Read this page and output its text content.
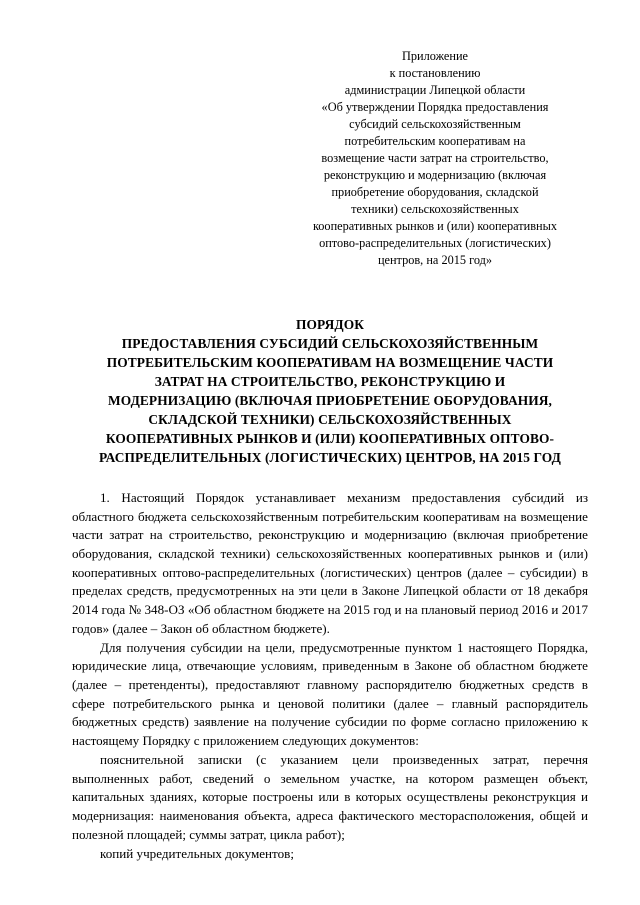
Приложение
к постановлению
администрации Липецкой области
«Об утверждении Порядка предоставления
субсидий сельскохозяйственным
потребительским кооперативам на
возмещение части затрат на строительство,
реконструкцию и модернизацию (включая
приобретение оборудования, складской
техники) сельскохозяйственных
кооперативных рынков и (или) кооперативных
оптово-распределительных (логистических)
центров, на 2015 год»
ПОРЯДОК
ПРЕДОСТАВЛЕНИЯ СУБСИДИЙ СЕЛЬСКОХОЗЯЙСТВЕННЫМ
ПОТРЕБИТЕЛЬСКИМ КООПЕРАТИВАМ НА ВОЗМЕЩЕНИЕ ЧАСТИ
ЗАТРАТ НА СТРОИТЕЛЬСТВО, РЕКОНСТРУКЦИЮ И
МОДЕРНИЗАЦИЮ (ВКЛЮЧАЯ ПРИОБРЕТЕНИЕ ОБОРУДОВАНИЯ,
СКЛАДСКОЙ ТЕХНИКИ) СЕЛЬСКОХОЗЯЙСТВЕННЫХ
КООПЕРАТИВНЫХ РЫНКОВ И (ИЛИ) КООПЕРАТИВНЫХ ОПТОВО-
РАСПРЕДЕЛИТЕЛЬНЫХ (ЛОГИСТИЧЕСКИХ) ЦЕНТРОВ, НА 2015 ГОД

1. Настоящий Порядок устанавливает механизм предоставления субсидий из областного бюджета сельскохозяйственным потребительским кооперативам на возмещение части затрат на строительство, реконструкцию и модернизацию (включая приобретение оборудования, складской техники) сельскохозяйственных кооперативных рынков и (или) кооперативных оптово-распределительных (логистических) центров (далее – субсидии) в пределах средств, предусмотренных на эти цели в Законе Липецкой области от 18 декабря 2014 года № 348-ОЗ «Об областном бюджете на 2015 год и на плановый период 2016 и 2017 годов» (далее – Закон об областном бюджете).

Для получения субсидии на цели, предусмотренные пунктом 1 настоящего Порядка, юридические лица, отвечающие условиям, приведенным в Законе об областном бюджете (далее – претенденты), предоставляют главному распорядителю бюджетных средств в сфере потребительского рынка и ценовой политики (далее – главный распорядитель бюджетных средств) заявление на получение субсидии по форме согласно приложению к настоящему Порядку с приложением следующих документов:

пояснительной записки (с указанием цели произведенных затрат, перечня выполненных работ, сведений о земельном участке, на котором размещен объект, капитальных зданиях, которые построены или в которых осуществлены реконструкция и модернизация: наименования объекта, адреса фактического месторасположения, общей и полезной площадей; суммы затрат, цикла работ);

копий учредительных документов;
